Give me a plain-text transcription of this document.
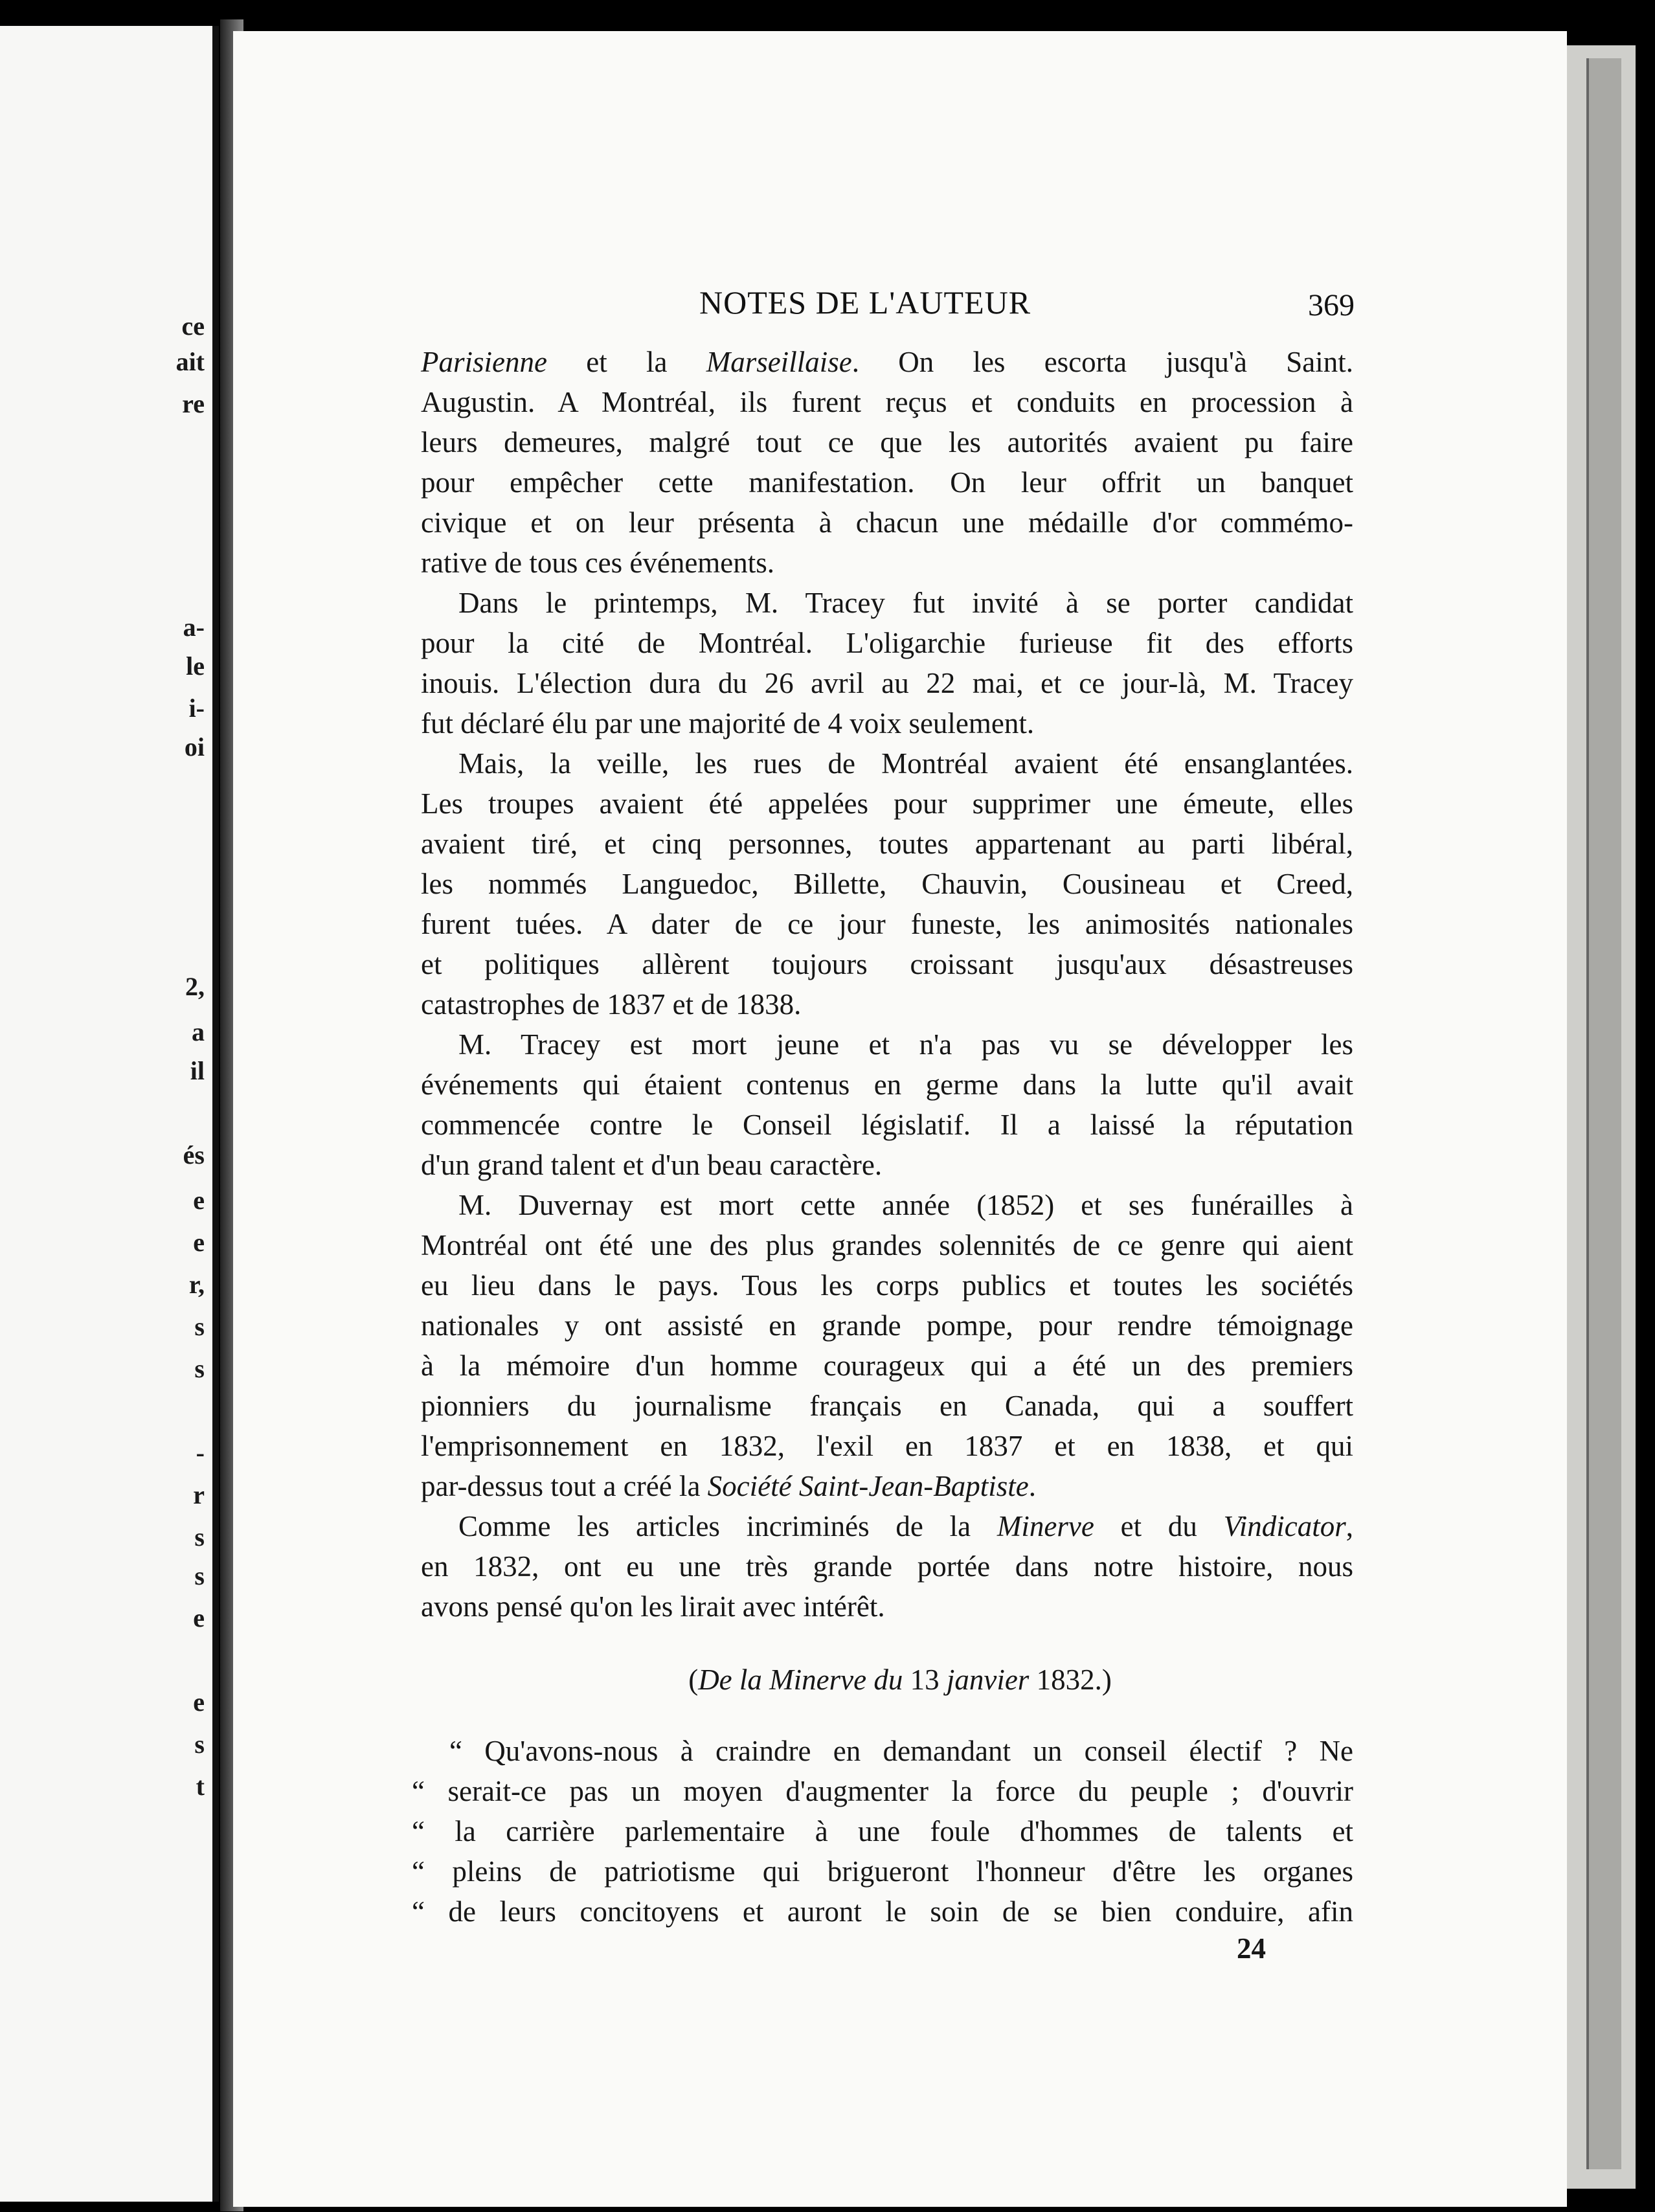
ce
ait
re
a-
le
i-
oi
2,
a
il
és
e
e
r,
s
s
-
r
s
s
e
e
s
t
NOTES DE L'AUTEUR	369
Parisienne et la Marseillaise. On les escorta jusqu'à Saint.
Augustin. A Montréal, ils furent reçus et conduits en procession à
leurs demeures, malgré tout ce que les autorités avaient pu faire
pour empêcher cette manifestation. On leur offrit un banquet
civique et on leur présenta à chacun une médaille d'or commémo-
rative de tous ces événements.
Dans le printemps, M. Tracey fut invité à se porter candidat
pour la cité de Montréal. L'oligarchie furieuse fit des efforts
inouis. L'élection dura du 26 avril au 22 mai, et ce jour-là, M. Tracey
fut déclaré élu par une majorité de 4 voix seulement.
Mais, la veille, les rues de Montréal avaient été ensanglantées.
Les troupes avaient été appelées pour supprimer une émeute, elles
avaient tiré, et cinq personnes, toutes appartenant au parti libéral,
les nommés Languedoc, Billette, Chauvin, Cousineau et Creed,
furent tuées. A dater de ce jour funeste, les animosités nationales
et politiques allèrent toujours croissant jusqu'aux désastreuses
catastrophes de 1837 et de 1838.
M. Tracey est mort jeune et n'a pas vu se développer les
événements qui étaient contenus en germe dans la lutte qu'il avait
commencée contre le Conseil législatif. Il a laissé la réputation
d'un grand talent et d'un beau caractère.
M. Duvernay est mort cette année (1852) et ses funérailles à
Montréal ont été une des plus grandes solennités de ce genre qui aient
eu lieu dans le pays. Tous les corps publics et toutes les sociétés
nationales y ont assisté en grande pompe, pour rendre témoignage
à la mémoire d'un homme courageux qui a été un des premiers
pionniers du journalisme français en Canada, qui a souffert
l'emprisonnement en 1832, l'exil en 1837 et en 1838, et qui
par-dessus tout a créé la Société Saint-Jean-Baptiste.
Comme les articles incriminés de la Minerve et du Vindicator,
en 1832, ont eu une très grande portée dans notre histoire, nous
avons pensé qu'on les lirait avec intérêt.
(De la Minerve du 13 janvier 1832.)
“ Qu'avons-nous à craindre en demandant un conseil électif ? Ne
“ serait-ce pas un moyen d'augmenter la force du peuple ; d'ouvrir
“ la carrière parlementaire à une foule d'hommes de talents et
“ pleins de patriotisme qui brigueront l'honneur d'être les organes
“ de leurs concitoyens et auront le soin de se bien conduire, afin
24
